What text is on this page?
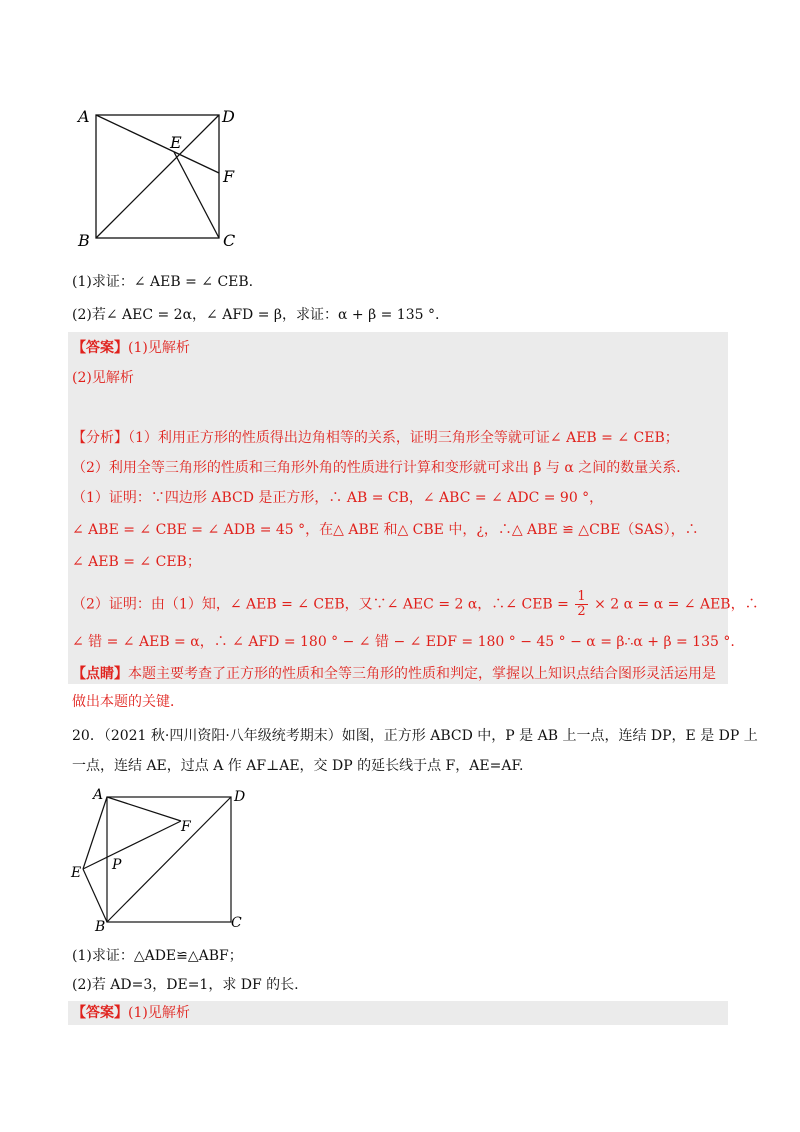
A	D
E
F
B	C
(1)求证：∠ AEB = ∠ CEB.
(2)若∠ AEC = 2α，∠ AFD = β，求证：α + β = 135 °.
【答案】(1)见解析
(2)见解析
【分析】（1）利用正方形的性质得出边角相等的关系，证明三角形全等就可证∠ AEB = ∠ CEB；
（2）利用全等三角形的性质和三角形外角的性质进行计算和变形就可求出 β 与 α 之间的数量关系．
（1）证明：∵四边形 ABCD 是正方形，∴ AB = CB，∠ ABC = ∠ ADC = 90 °，
∠ ABE = ∠ CBE = ∠ ADB = 45 °，在△ ABE 和△ CBE 中，¿，∴△ ABE ≌ △CBE（SAS），∴
∠ AEB = ∠ CEB；
（2）证明：由（1）知，∠ AEB = ∠ CEB，又∵∠ AEC = 2 α，∴∠ CEB = $\frac{1}{2} \times 2$ α = α = ∠ AEB，∴
∠ 错 = ∠ AEB = α，∴ ∠ AFD = 180 ° − ∠ 错 − ∠ EDF = 180 ° − 45 ° − α = β∴α + β = 135 °.
【点睛】本题主要考查了正方形的性质和全等三角形的性质和判定，掌握以上知识点结合图形灵活运用是
做出本题的关键．
20．（2021 秋·四川资阳·八年级统考期末）如图，正方形 ABCD 中，P 是 AB 上一点，连结 DP，E 是 DP 上
一点，连结 AE，过点 A 作 AF⊥AE，交 DP 的延长线于点 F，AE=AF.
A	D
F
P
E
B	C
(1)求证：△ADE≌△ABF；
(2)若 AD=3，DE=1，求 DF 的长.
【答案】(1)见解析
